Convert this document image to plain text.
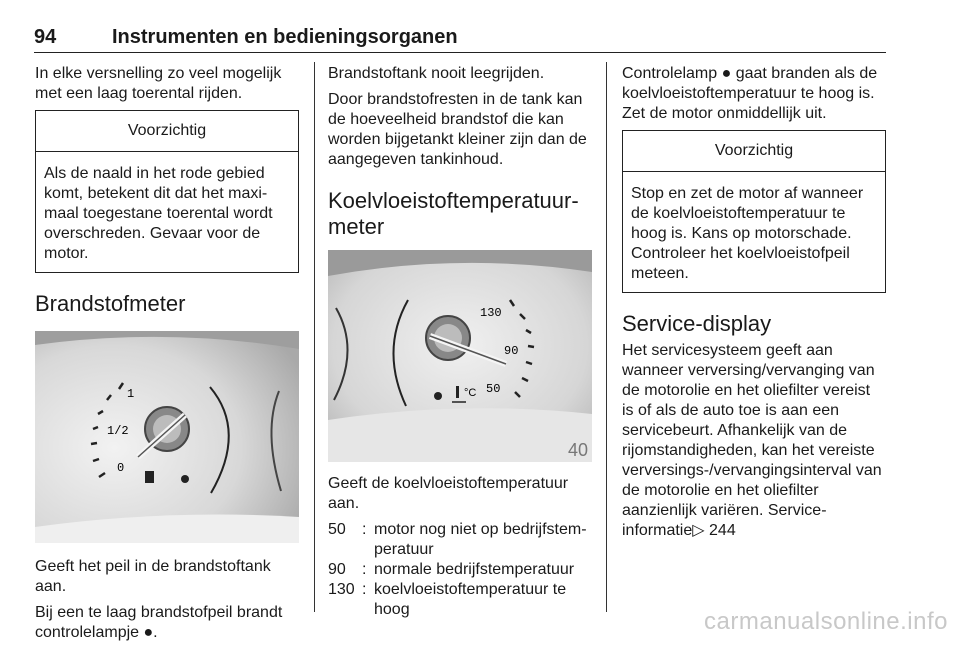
94	Instrumenten en bedieningsorganen

In elke versnelling zo veel mogelijk met een laag toerental rijden.

Voorzichtig
Als de naald in het rode gebied komt, betekent dit dat het maximaal toegestane toerental wordt overschreden. Gevaar voor de motor.
Brandstofmeter
1
1/2
0

Geeft het peil in de brandstoftank aan.

Bij een te laag brandstofpeil brandt controlelampje ●.

Brandstoftank nooit leegrijden.

Door brandstofresten in de tank kan de hoeveelheid brandstof die kan worden bijgetankt kleiner zijn dan de aangegeven tankinhoud.

Koelvloeistoftemperatuurmeter
130
90
50
°C
40

Geeft de koelvloeistoftemperatuur aan.

50	: motor nog niet op bedrijfstemperatuur
90	: normale bedrijfstemperatuur
130 : koelvloeistoftemperatuur te hoog

Controlelamp ● gaat branden als de koelvloeistoftemperatuur te hoog is. Zet de motor onmiddellijk uit.

Voorzichtig
Stop en zet de motor af wanneer de koelvloeistoftemperatuur te hoog is. Kans op motorschade. Controleer het koelvloeistofpeil meteen.
Service-display

Het servicesysteem geeft aan wanneer verversing/vervanging van de motorolie en het oliefilter vereist is of als de auto toe is aan een servicebeurt. Afhankelijk van de rijomstandigheden, kan het vereiste verversings-/vervangingsinterval van de motorolie en het oliefilter aanzienlijk variëren. Service-informatie▷ 244

carmanualsonline.info
